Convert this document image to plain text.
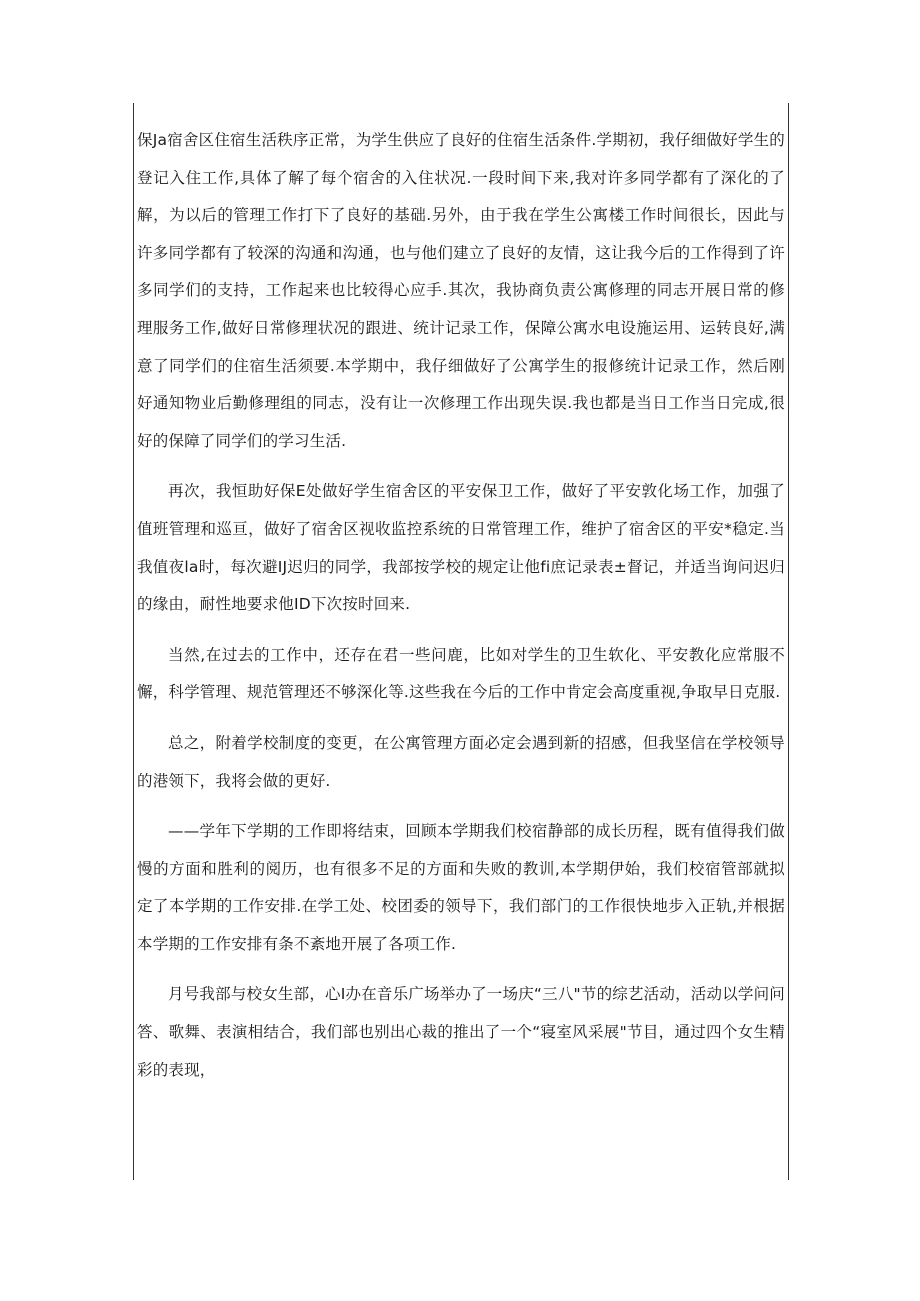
保Ja宿舍区住宿生活秩序正常，为学生供应了良好的住宿生活条件.学期初，我仔细做好学生的登记入住工作,具体了解了每个宿舍的入住状况.一段时间下来,我对许多同学都有了深化的了解，为以后的管理工作打下了良好的基础.另外，由于我在学生公寓楼工作时间很长，因此与许多同学都有了较深的沟通和沟通，也与他们建立了良好的友情，这让我今后的工作得到了许多同学们的支持，工作起来也比较得心应手.其次，我协商负责公寓修理的同志开展日常的修理服务工作,做好日常修理状况的跟进、统计记录工作，保障公寓水电设施运用、运转良好,满意了同学们的住宿生活须要.本学期中，我仔细做好了公寓学生的报修统计记录工作，然后刚好通知物业后勤修理组的同志，没有让一次修理工作出现失误.我也都是当日工作当日完成,很好的保障了同学们的学习生活.

再次，我恒助好保E处做好学生宿舍区的平安保卫工作，做好了平安敦化场工作，加强了值班管理和巡亘，做好了宿舍区视收监控系统的日常管理工作，维护了宿舍区的平安*稳定.当我值夜la时，每次避IJ迟归的同学，我部按学校的规定让他fi庶记录表±督记，并适当询问迟归的缘由，耐性地要求他ID下次按时回来.

当然,在过去的工作中，还存在君一些问鹿，比如对学生的卫生软化、平安教化应常服不懈，科学管理、规范管理还不够深化等.这些我在今后的工作中肯定会高度重视,争取早日克服.

总之，附着学校制度的变更，在公寓管理方面必定会遇到新的招感，但我坚信在学校领导的港领下，我将会做的更好.

——学年下学期的工作即将结束，回顾本学期我们校宿静部的成长历程，既有值得我们做慢的方面和胜利的阅历，也有很多不足的方面和失败的教训,本学期伊始，我们校宿管部就拟定了本学期的工作安排.在学工处、校团委的领导下，我们部门的工作很快地步入正轨,并根据本学期的工作安排有条不紊地开展了各项工作.

月号我部与校女生部，心I办在音乐广场举办了一场庆“三八"节的综艺活动，活动以学问问答、歌舞、表演相结合，我们部也别出心裁的推出了一个“寝室风采展"节目，通过四个女生精彩的表现，
